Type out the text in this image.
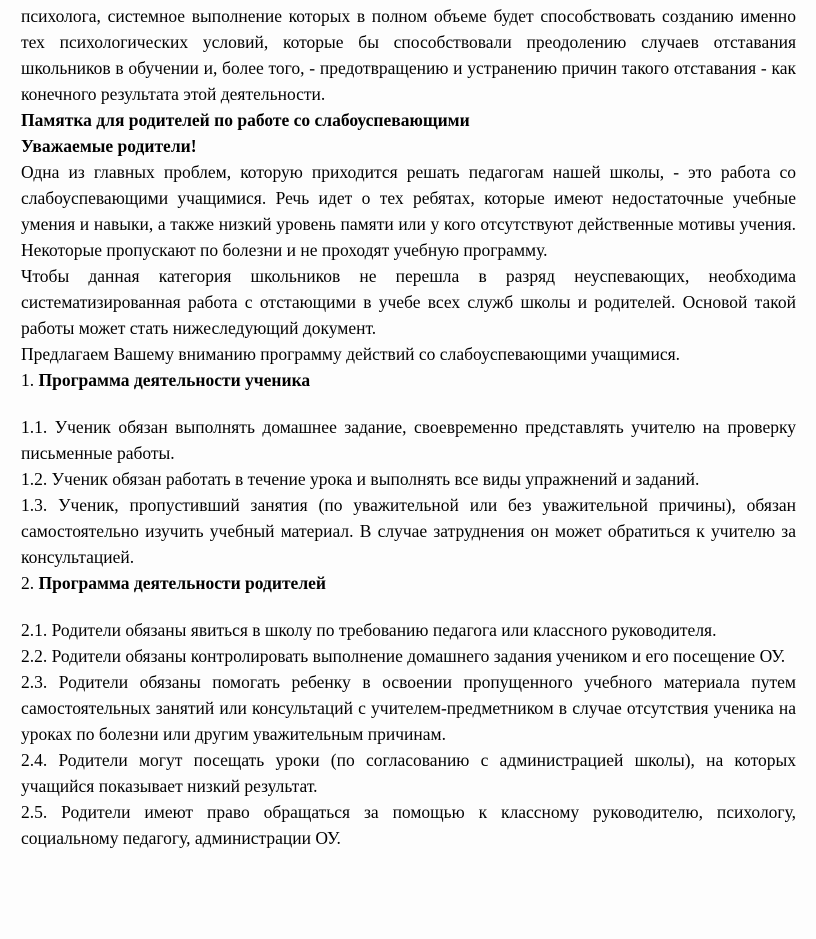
психолога, системное выполнение которых в полном объеме будет способствовать созданию именно тех психологических условий, которые бы способствовали преодолению случаев отставания школьников в обучении и, более того, - предотвращению и устранению причин такого отставания - как конечного результата этой деятельности.

Памятка для родителей по работе со слабоуспевающими
Уважаемые родители!

Одна из главных проблем, которую приходится решать педагогам нашей школы, - это работа со слабоуспевающими учащимися. Речь идет о тех ребятах, которые имеют недостаточные учебные умения и навыки, а также низкий уровень памяти или у кого отсутствуют действенные мотивы учения. Некоторые пропускают по болезни и не проходят учебную программу.

Чтобы данная категория школьников не перешла в разряд неуспевающих, необходима систематизированная работа с отстающими в учебе всех служб школы и родителей. Основой такой работы может стать нижеследующий документ.

Предлагаем Вашему вниманию программу действий со слабоуспевающими учащимися.

1. Программа деятельности ученика

1.1. Ученик обязан выполнять домашнее задание, своевременно представлять учителю на проверку письменные работы.

1.2. Ученик обязан работать в течение урока и выполнять все виды упражнений и заданий.

1.3. Ученик, пропустивший занятия (по уважительной или без уважительной причины), обязан самостоятельно изучить учебный материал. В случае затруднения он может обратиться к учителю за консультацией.

2. Программа деятельности родителей

2.1. Родители обязаны явиться в школу по требованию педагога или классного руководителя.

2.2. Родители обязаны контролировать выполнение домашнего задания учеником и его посещение ОУ.

2.3. Родители обязаны помогать ребенку в освоении пропущенного учебного материала путем самостоятельных занятий или консультаций с учителем-предметником в случае отсутствия ученика на уроках по болезни или другим уважительным причинам.

2.4. Родители могут посещать уроки (по согласованию с администрацией школы), на которых учащийся показывает низкий результат.

2.5. Родители имеют право обращаться за помощью к классному руководителю, психологу, социальному педагогу, администрации ОУ.
